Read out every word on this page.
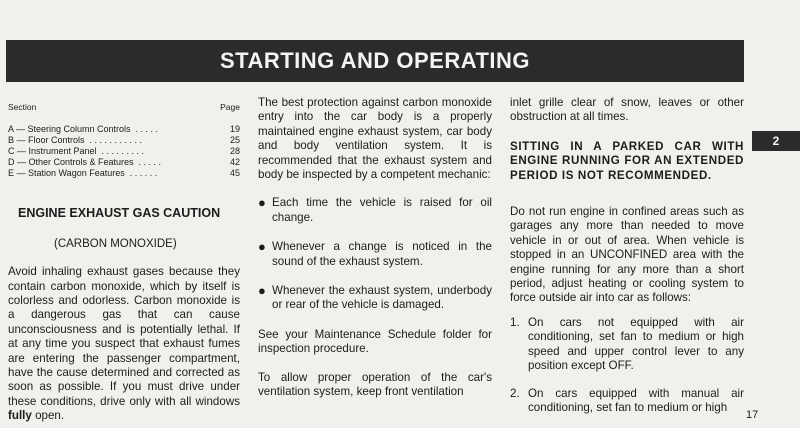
STARTING AND OPERATING
2
Section	Page
A — Steering Column Controls  . . . . .	19
B — Floor Controls  . . . . . . . . . . .	25
C — Instrument Panel  . . . . . . . . .	28
D — Other Controls & Features  . . . . .	42
E — Station Wagon Features  . . . . . .	45
ENGINE EXHAUST GAS CAUTION
(CARBON MONOXIDE)

Avoid inhaling exhaust gases because they contain carbon monoxide, which by itself is colorless and odorless. Carbon monoxide is a dangerous gas that can cause unconsciousness and is potentially lethal. If at any time you suspect that exhaust fumes are entering the passenger compartment, have the cause determined and corrected as soon as possible. If you must drive under these conditions, drive only with all windows fully open.

The best protection against carbon monoxide entry into the car body is a properly maintained engine exhaust system, car body and body ventilation system. It is recommended that the exhaust system and body be inspected by a competent mechanic:

● Each time the vehicle is raised for oil change.
● Whenever a change is noticed in the sound of the exhaust system.
● Whenever the exhaust system, underbody or rear of the vehicle is damaged.

See your Maintenance Schedule folder for inspection procedure.

To allow proper operation of the car's ventilation system, keep front ventilation

inlet grille clear of snow, leaves or other obstruction at all times.

SITTING IN A PARKED CAR WITH ENGINE RUNNING FOR AN EXTENDED PERIOD IS NOT RECOMMENDED.

Do not run engine in confined areas such as garages any more than needed to move vehicle in or out of area. When vehicle is stopped in an UNCONFINED area with the engine running for any more than a short period, adjust heating or cooling system to force outside air into car as follows:

1. On cars not equipped with air conditioning, set fan to medium or high speed and upper control lever to any position except OFF.
2. On cars equipped with manual air conditioning, set fan to medium or high
17
